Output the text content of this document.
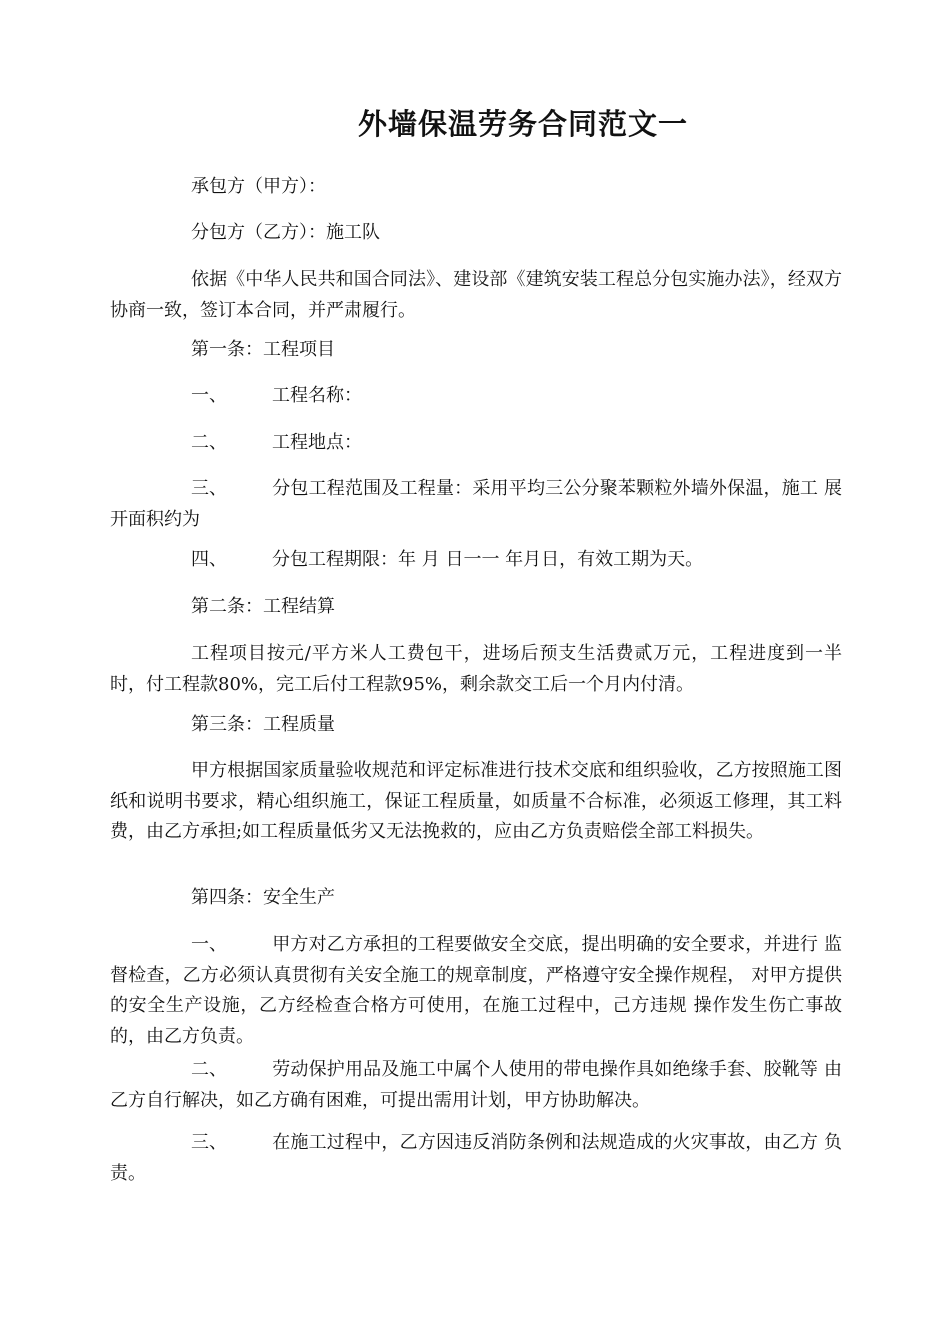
外墙保温劳务合同范文一
承包方（甲方）：
分包方（乙方）：施工队
依据《中华人民共和国合同法》、建设部《建筑安装工程总分包实施办法》，经双方协商一致，签订本合同，并严肃履行。
第一条：工程项目
一、	工程名称：
二、	工程地点：
三、	分包工程范围及工程量：采用平均三公分聚苯颗粒外墙外保温，施工 展开面积约为
四、	分包工程期限：年 月 日一一 年月日，有效工期为天。
第二条：工程结算
工程项目按元/平方米人工费包干，进场后预支生活费贰万元，工程进度到一半时，付工程款80%，完工后付工程款95%，剩余款交工后一个月内付清。
第三条：工程质量
甲方根据国家质量验收规范和评定标准进行技术交底和组织验收，乙方按照施工图纸和说明书要求，精心组织施工，保证工程质量，如质量不合标准，必须返工修理，其工料费，由乙方承担;如工程质量低劣又无法挽救的，应由乙方负责赔偿全部工料损失。
第四条：安全生产
一、	甲方对乙方承担的工程要做安全交底，提出明确的安全要求，并进行 监督检查，乙方必须认真贯彻有关安全施工的规章制度，严格遵守安全操作规程， 对甲方提供的安全生产设施，乙方经检查合格方可使用，在施工过程中，己方违规 操作发生伤亡事故的，由乙方负责。
二、	劳动保护用品及施工中属个人使用的带电操作具如绝缘手套、胶靴等 由乙方自行解决，如乙方确有困难，可提出需用计划，甲方协助解决。
三、	在施工过程中，乙方因违反消防条例和法规造成的火灾事故，由乙方 负责。
